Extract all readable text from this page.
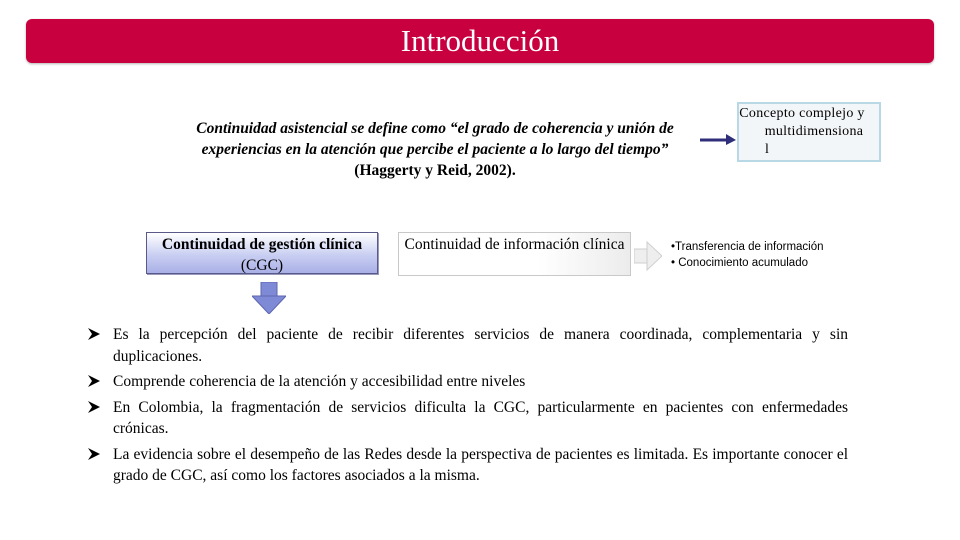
Introducción
Continuidad asistencial se define como “el grado de coherencia y unión de experiencias en la atención que percibe el paciente a lo largo del tiempo” (Haggerty y Reid, 2002).
Concepto complejo y
multidimensiona
l
Continuidad de gestión clínica (CGC)
Continuidad de información clínica	•Transferencia de información
• Conocimiento acumulado
Es la percepción del paciente de recibir diferentes servicios de manera coordinada, complementaria y sin duplicaciones.
Comprende coherencia de la atención y accesibilidad entre niveles
En Colombia, la fragmentación de servicios dificulta la CGC, particularmente en pacientes con enfermedades crónicas.
La evidencia sobre el desempeño de las Redes desde la perspectiva de pacientes es limitada. Es importante conocer el grado de CGC, así como los factores asociados a la misma.
